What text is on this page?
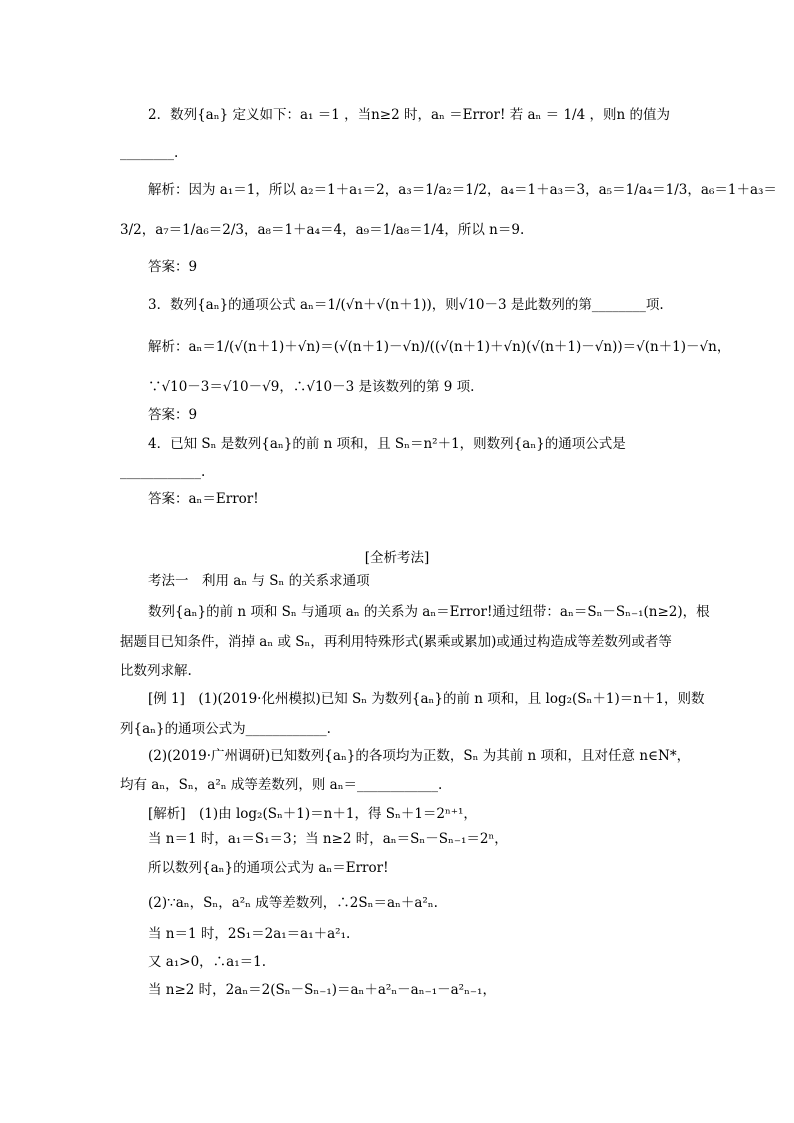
2．数列{aₙ} 定义如下：a₁ ＝1 ，当n≥2 时，aₙ ＝Error! 若 aₙ ＝ 1/4 ，则n 的值为
________.
解析：因为 a₁＝1，所以 a₂＝1＋a₁＝2，a₃＝1/a₂＝1/2，a₄＝1＋a₃＝3，a₅＝1/a₄＝1/3，a₆＝1＋a₃＝
3/2，a₇＝1/a₆＝2/3，a₈＝1＋a₄＝4，a₉＝1/a₈＝1/4，所以 n＝9.
答案：9
3．数列{aₙ}的通项公式 aₙ＝1/(√n＋√(n＋1))，则√10－3 是此数列的第________项.
解析：aₙ＝1/(√(n＋1)＋√n)＝(√(n＋1)－√n)/((√(n＋1)＋√n)(√(n＋1)－√n))＝√(n＋1)－√n，
∵√10－3＝√10－√9，∴√10－3 是该数列的第 9 项.
答案：9
4．已知 Sₙ 是数列{aₙ}的前 n 项和，且 Sₙ＝n²＋1，则数列{aₙ}的通项公式是
____________.
答案：aₙ＝Error!
[全析考法]
考法一　利用 aₙ 与 Sₙ 的关系求通项
数列{aₙ}的前 n 项和 Sₙ 与通项 aₙ 的关系为 aₙ＝Error!通过纽带：aₙ＝Sₙ－Sₙ₋₁(n≥2)，根
据题目已知条件，消掉 aₙ 或 Sₙ，再利用特殊形式(累乘或累加)或通过构造成等差数列或者等
比数列求解.
[例 1]　(1)(2019·化州模拟)已知 Sₙ 为数列{aₙ}的前 n 项和，且 log₂(Sₙ＋1)＝n＋1，则数
列{aₙ}的通项公式为____________.
(2)(2019·广州调研)已知数列{aₙ}的各项均为正数，Sₙ 为其前 n 项和，且对任意 n∈N*，
均有 aₙ，Sₙ，a²ₙ 成等差数列，则 aₙ＝____________.
[解析]　(1)由 log₂(Sₙ＋1)＝n＋1，得 Sₙ＋1＝2ⁿ⁺¹，
当 n＝1 时，a₁＝S₁＝3；当 n≥2 时，aₙ＝Sₙ－Sₙ₋₁＝2ⁿ，
所以数列{aₙ}的通项公式为 aₙ＝Error!
(2)∵aₙ，Sₙ，a²ₙ 成等差数列，∴2Sₙ＝aₙ＋a²ₙ.
当 n＝1 时，2S₁＝2a₁＝a₁＋a²₁.
又 a₁>0，∴a₁＝1.
当 n≥2 时，2aₙ＝2(Sₙ－Sₙ₋₁)＝aₙ＋a²ₙ－aₙ₋₁－a²ₙ₋₁，
